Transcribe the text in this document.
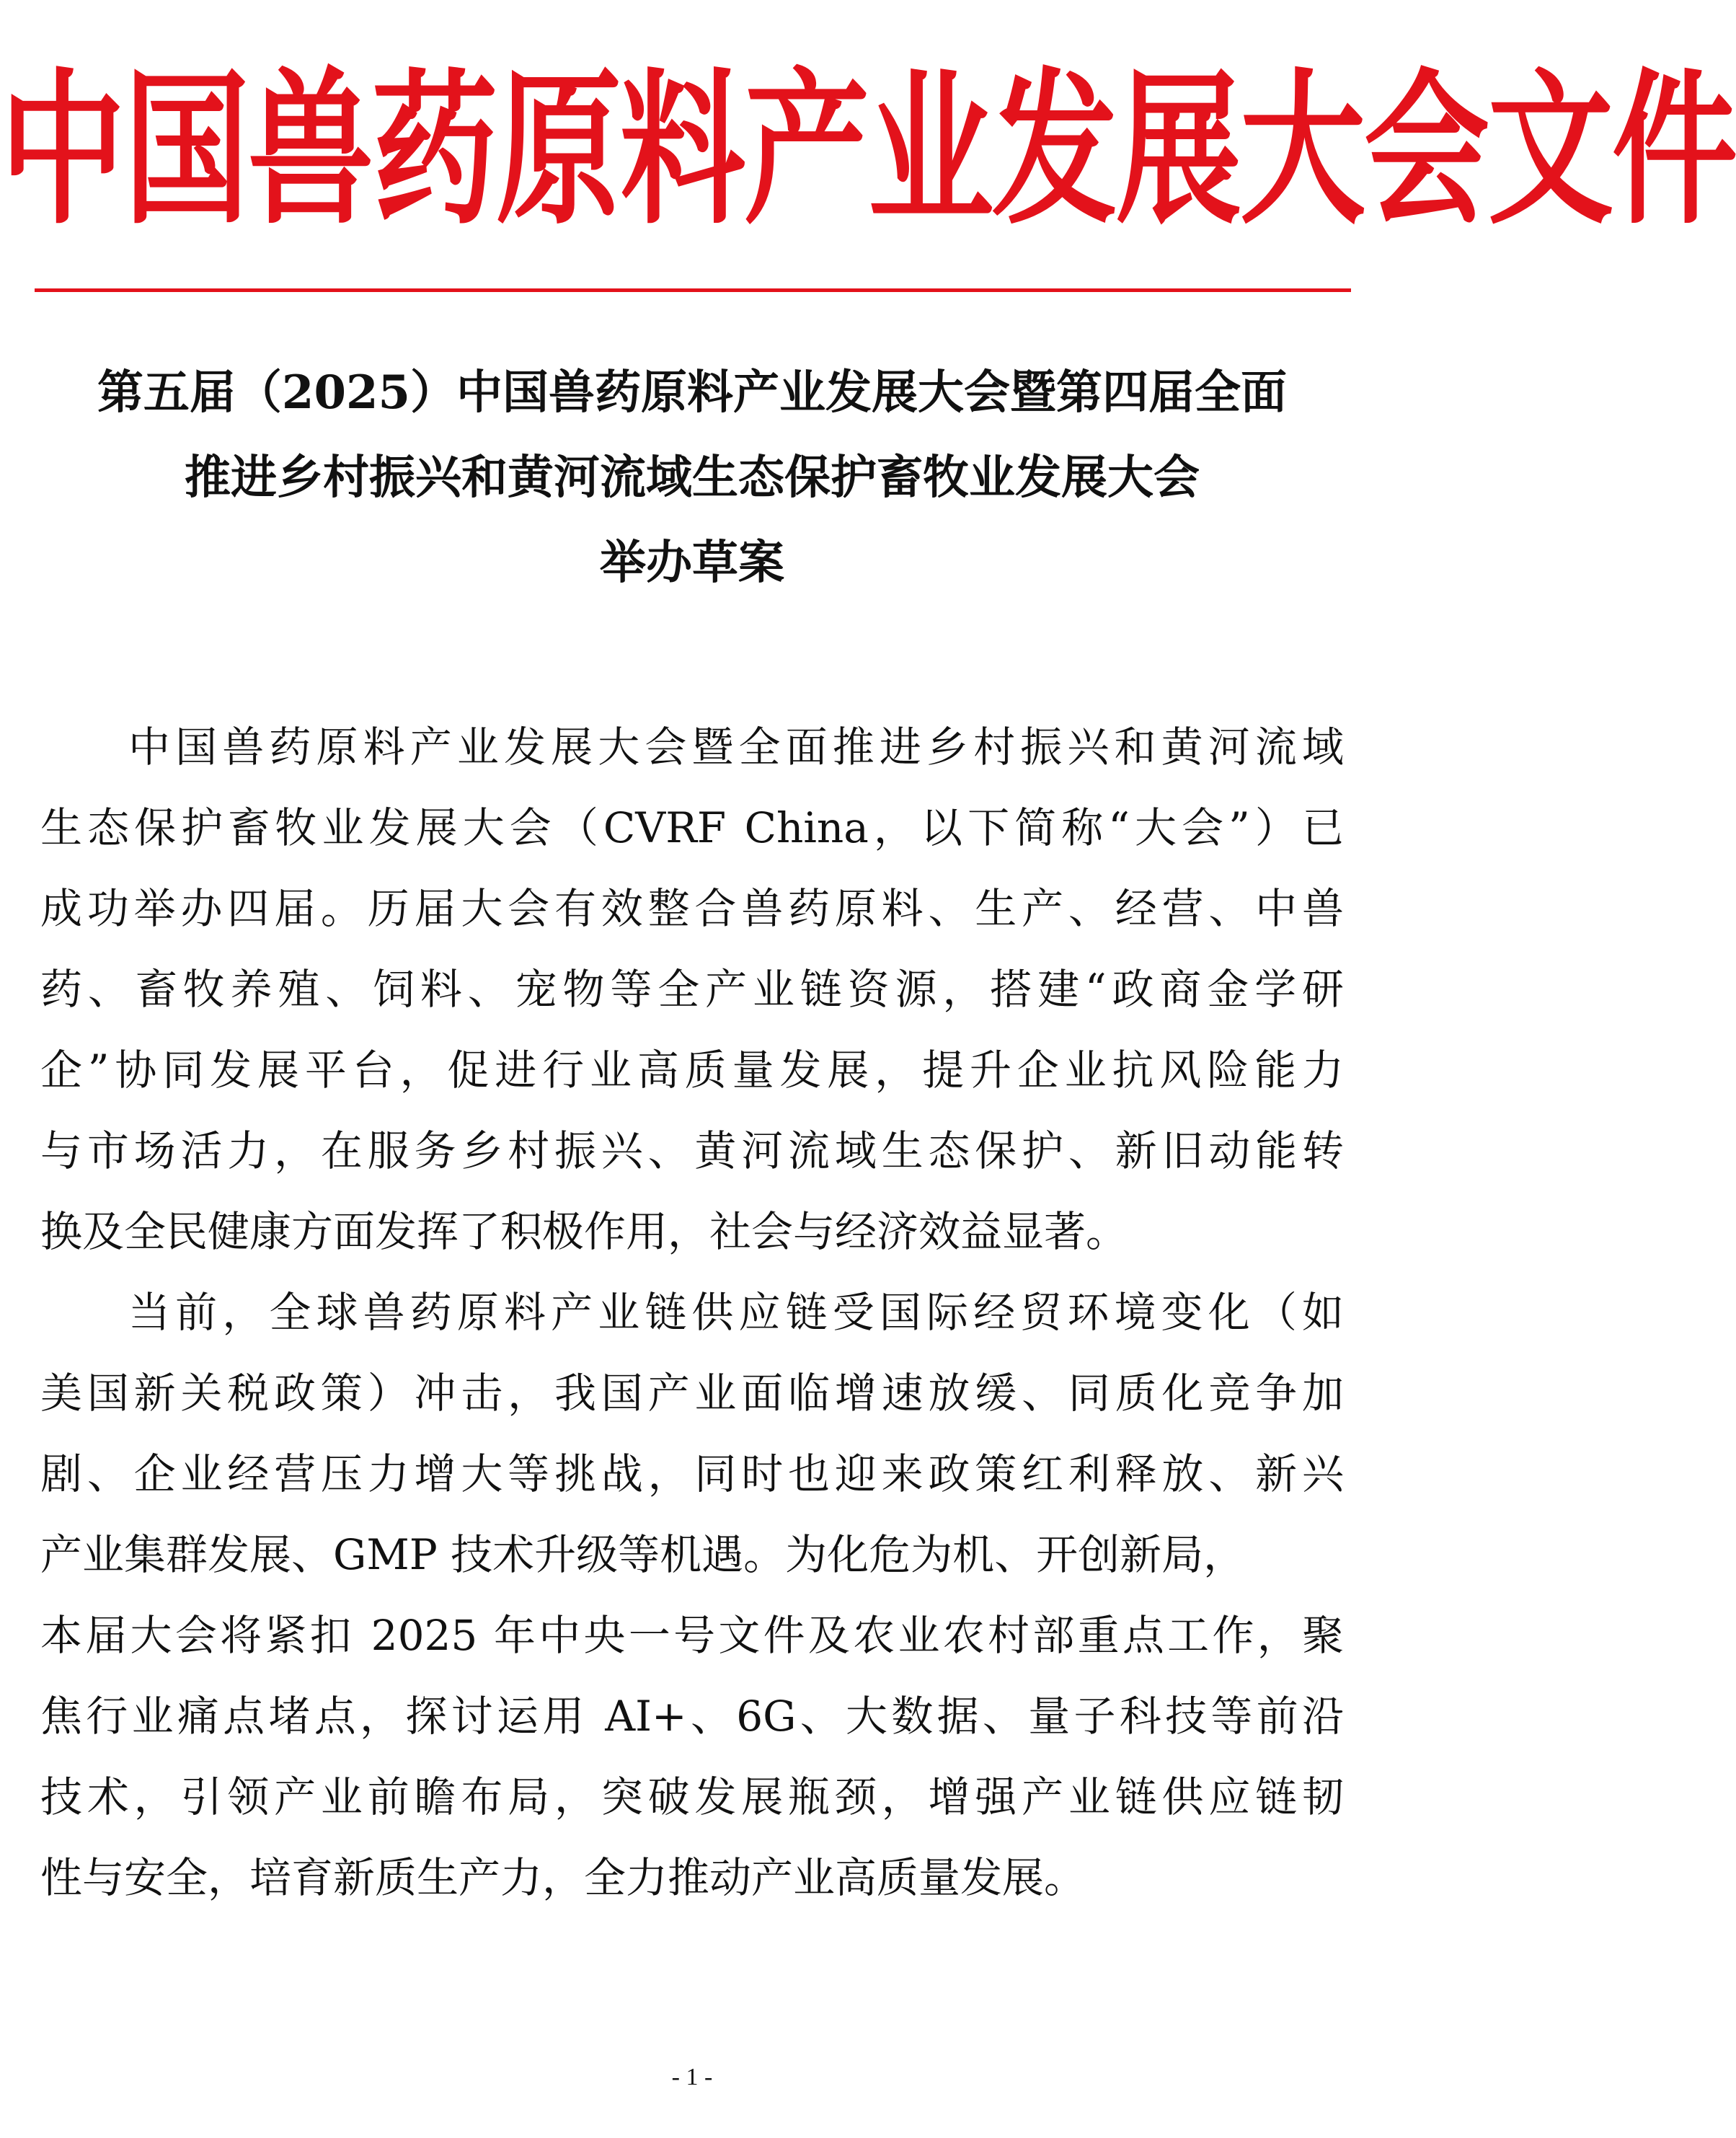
中国兽药原料产业发展大会文件
第五届（2025）中国兽药原料产业发展大会暨第四届全面
推进乡村振兴和黄河流域生态保护畜牧业发展大会
举办草案
中国兽药原料产业发展大会暨全面推进乡村振兴和黄河流域
生态保护畜牧业发展大会（CVRF China，以下简称“大会”）已
成功举办四届。历届大会有效整合兽药原料、生产、经营、中兽
药、畜牧养殖、饲料、宠物等全产业链资源，搭建“政商金学研
企”协同发展平台，促进行业高质量发展，提升企业抗风险能力
与市场活力，在服务乡村振兴、黄河流域生态保护、新旧动能转
换及全民健康方面发挥了积极作用，社会与经济效益显著。
当前，全球兽药原料产业链供应链受国际经贸环境变化（如
美国新关税政策）冲击，我国产业面临增速放缓、同质化竞争加
剧、企业经营压力增大等挑战，同时也迎来政策红利释放、新兴
产业集群发展、GMP 技术升级等机遇。为化危为机、开创新局，
本届大会将紧扣 2025 年中央一号文件及农业农村部重点工作，聚
焦行业痛点堵点，探讨运用 AI+、6G、大数据、量子科技等前沿
技术，引领产业前瞻布局，突破发展瓶颈，增强产业链供应链韧
性与安全，培育新质生产力，全力推动产业高质量发展。
- 1 -
